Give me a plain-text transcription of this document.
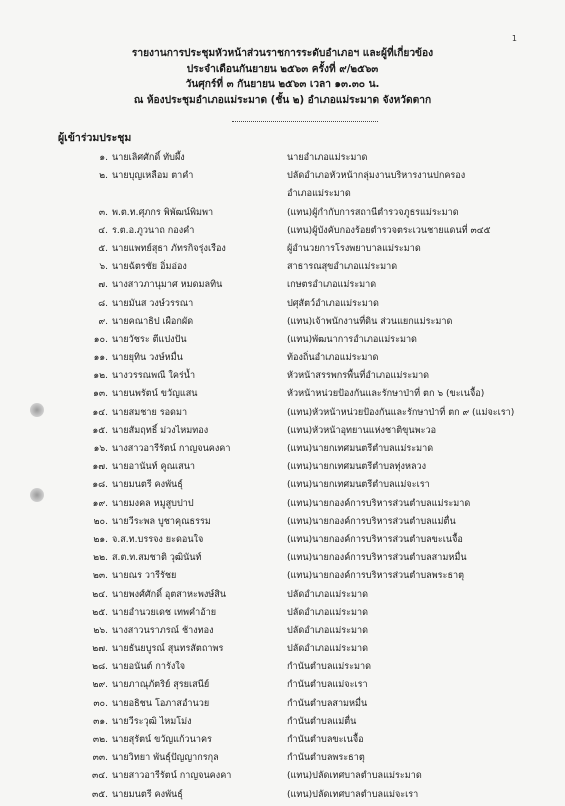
1
รายงานการประชุมหัวหน้าส่วนราชการระดับอำเภอฯ และผู้ที่เกี่ยวข้อง
ประจำเดือนกันยายน ๒๕๖๓ ครั้งที่ ๙/๒๕๖๓
วันศุกร์ที่ ๓ กันยายน ๒๕๖๓ เวลา ๑๓.๓๐ น.
ณ ห้องประชุมอำเภอแม่ระมาด (ชั้น ๒) อำเภอแม่ระมาด จังหวัดตาก
ผู้เข้าร่วมประชุม
๑. นายเลิศศักดิ์ ทับผึ้ง	นายอำเภอแม่ระมาด
๒. นายบุญเหลือม ตาคำ	ปลัดอำเภอหัวหน้ากลุ่มงานบริหารงานปกครอง
อำเภอแม่ระมาด
๓. พ.ต.ท.ศุภกร พิพัฒน์พิมพา	(แทน)ผู้กำกับการสถานีตำรวจภูธรแม่ระมาด
๔. ร.ต.อ.ภูวนาถ กองคำ	(แทน)ผู้บังคับกองร้อยตำรวจตระเวนชายแดนที่ ๓๔๕
๕. นายแพทย์สุธา ภัทรกิจรุ่งเรือง	ผู้อำนวยการโรงพยาบาลแม่ระมาด
๖. นายฉัตรชัย อิ่มอ่อง	สาธารณสุขอำเภอแม่ระมาด
๗. นางสาวภานุมาศ หมดมลทิน	เกษตรอำเภอแม่ระมาด
๘. นายมันส วงษ์วรรณา	ปศุสัตว์อำเภอแม่ระมาด
๙. นายคณาธิป เผือกผัด	(แทน)เจ้าพนักงานที่ดิน ส่วนแยกแม่ระมาด
๑๐. นายวัชระ ตีแปงปัน	(แทน)พัฒนาการอำเภอแม่ระมาด
๑๑. นายยุทิน วงษ์หมื่น	ท้องถิ่นอำเภอแม่ระมาด
๑๒. นางวรรณพณี ใคร่น้ำ	หัวหน้าสรรพกรพื้นที่อำเภอแม่ระมาด
๑๓. นายนพรัตน์ ขวัญแสน	หัวหน้าหน่วยป้องกันและรักษาป่าที่ ตก ๖ (ขะเนจื้อ)
๑๔. นายสมชาย รอดมา	(แทน)หัวหน้าหน่วยป้องกันและรักษาป่าที่ ตก ๙ (แม่จะเรา)
๑๕. นายสัมฤทธิ์ ม่วงไหมทอง	(แทน)หัวหน้าอุทยานแห่งชาติขุนพะวอ
๑๖. นางสาวอารีรัตน์ กาญจนคงคา	(แทน)นายกเทศมนตรีตำบลแม่ระมาด
๑๗. นายอานันท์ คูณเสนา	(แทน)นายกเทศมนตรีตำบลทุ่งหลวง
๑๘. นายมนตรี คงพันธุ์	(แทน)นายกเทศมนตรีตำบลแม่จะเรา
๑๙. นายมงคล หมูสูบปาป	(แทน)นายกองค์การบริหารส่วนตำบลแม่ระมาด
๒๐. นายวีระพล บูชาคุณธรรม	(แทน)นายกองค์การบริหารส่วนตำบลแม่ตื่น
๒๑. จ.ส.ท.บรรจง ยะดอนใจ	(แทน)นายกองค์การบริหารส่วนตำบลขะเนจื้อ
๒๒. ส.ต.ท.สมชาติ วุฒินันท์	(แทน)นายกองค์การบริหารส่วนตำบลสามหมื่น
๒๓. นายณร วารีรัชย	(แทน)นายกองค์การบริหารส่วนตำบลพระธาตุ
๒๔. นายพงศ์ศักดิ์ อุตสาหะพงษ์สิน	ปลัดอำเภอแม่ระมาด
๒๕. นายอำนวยเดช เทพคำอ้าย	ปลัดอำเภอแม่ระมาด
๒๖. นางสาวนราภรณ์ ช้างทอง	ปลัดอำเภอแม่ระมาด
๒๗. นายธันยบูรณ์ สุนทรสัตถาพร	ปลัดอำเภอแม่ระมาด
๒๘. นายอนันต์ การังใจ	กำนันตำบลแม่ระมาด
๒๙. นายภาณุภัตริย์ สุรยเสนีย์	กำนันตำบลแม่จะเรา
๓๐. นายอธิชน โอภาสอำนวย	กำนันตำบลสามหมื่น
๓๑. นายวีระวุฒิ ไหมโม่ง	กำนันตำบลแม่ตื่น
๓๒. นายสุรัตน์ ขวัญแก้วนาคร	กำนันตำบลขะเนจื้อ
๓๓. นายวิทยา พันธุ์ปัญญากรกุล	กำนันตำบลพระธาตุ
๓๔. นายสาวอารีรัตน์ กาญจนคงคา	(แทน)ปลัดเทศบาลตำบลแม่ระมาด
๓๕. นายมนตรี คงพันธุ์	(แทน)ปลัดเทศบาลตำบลแม่จะเรา
